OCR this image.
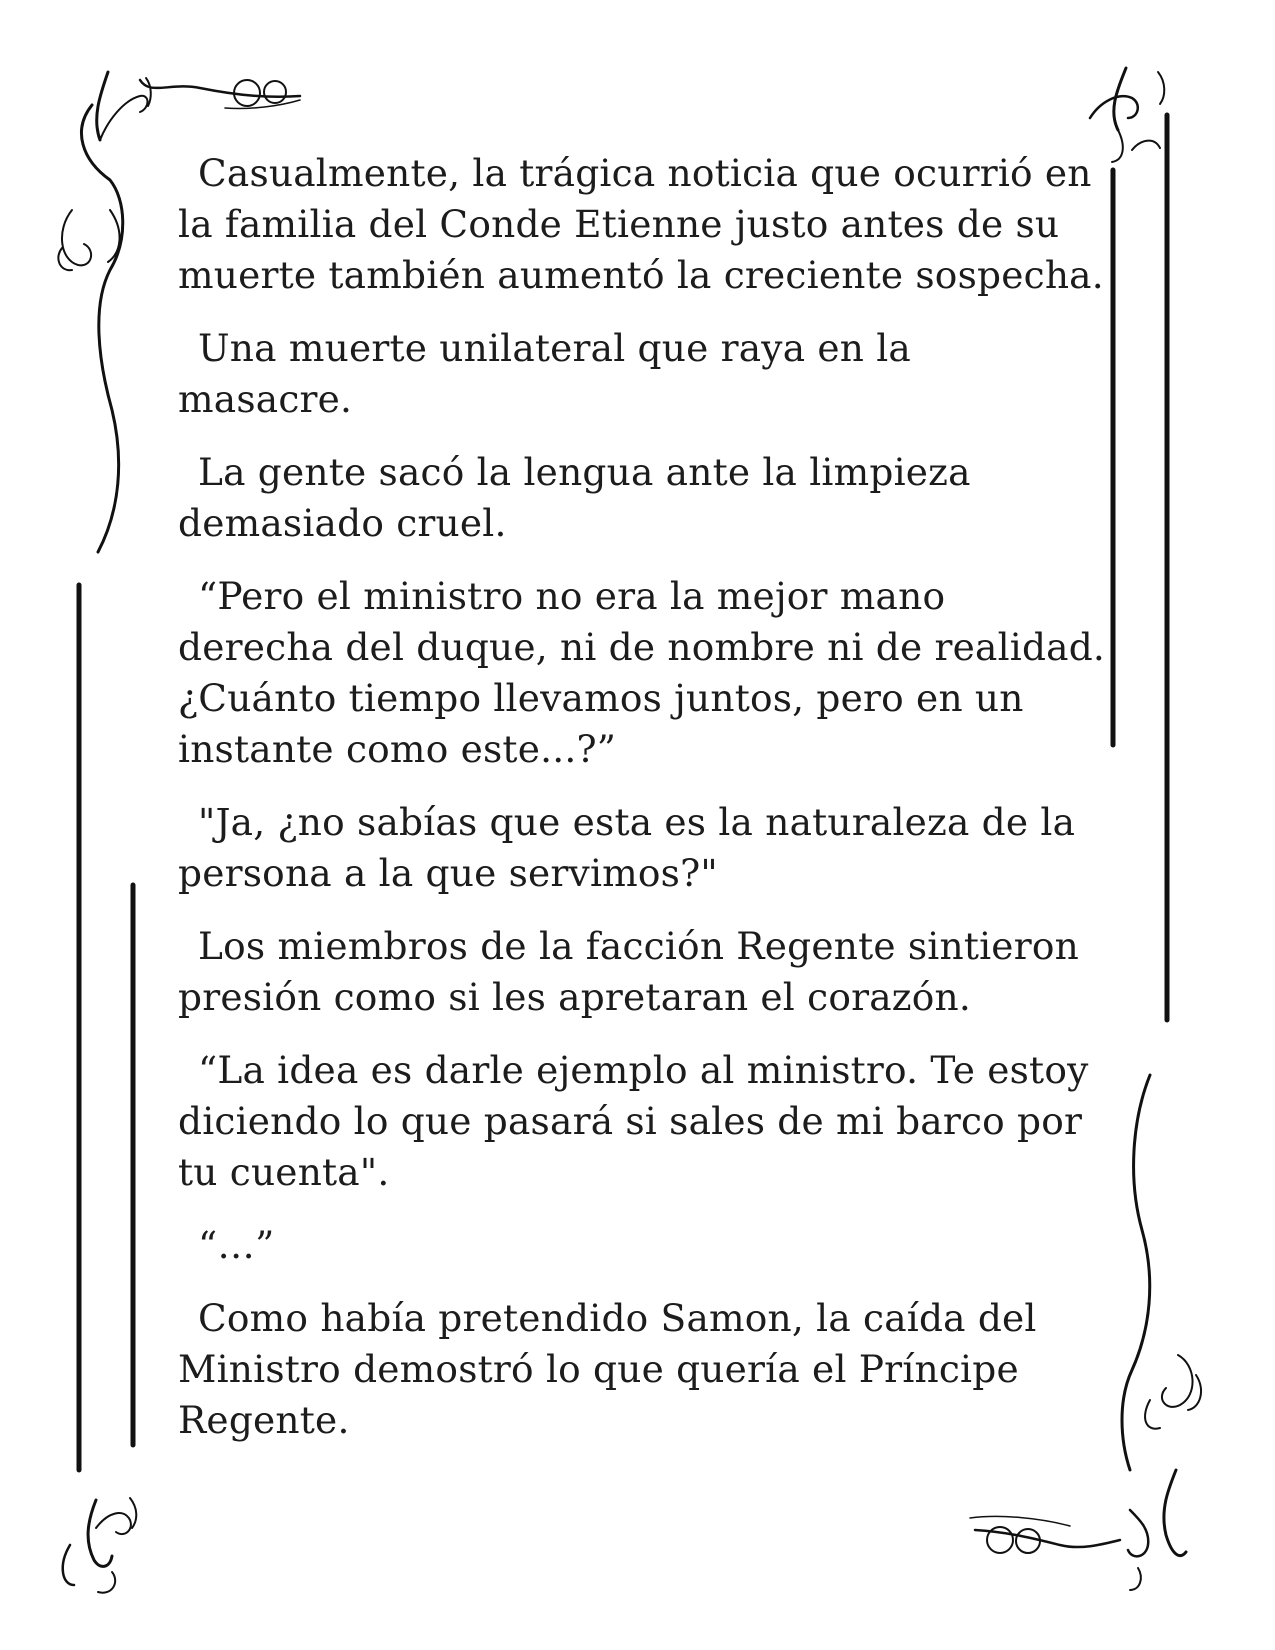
Casualmente, la trágica noticia que ocurrió en
la familia del Conde Etienne justo antes de su
muerte también aumentó la creciente sospecha.

Una muerte unilateral que raya en la
masacre.

La gente sacó la lengua ante la limpieza
demasiado cruel.

“Pero el ministro no era la mejor mano
derecha del duque, ni de nombre ni de realidad.
¿Cuánto tiempo llevamos juntos, pero en un
instante como este...?”

"Ja, ¿no sabías que esta es la naturaleza de la
persona a la que servimos?"

Los miembros de la facción Regente sintieron
presión como si les apretaran el corazón.

“La idea es darle ejemplo al ministro. Te estoy
diciendo lo que pasará si sales de mi barco por
tu cuenta".

“…”

Como había pretendido Samon, la caída del
Ministro demostró lo que quería el Príncipe
Regente.
